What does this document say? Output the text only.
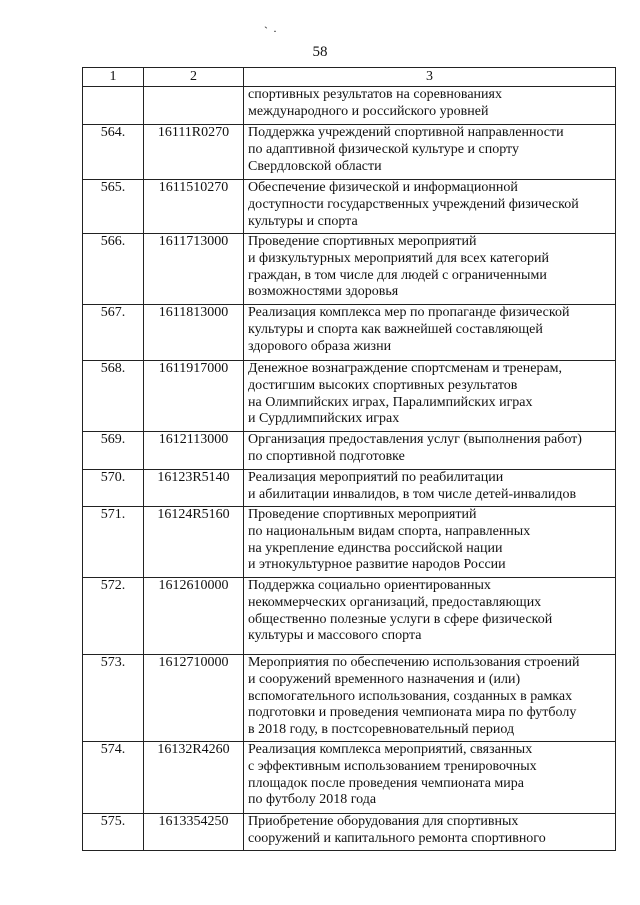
` ·
58
1	2	3

		спортивных результатов на соревнованиях
международного и российского уровней

564.	16111R0270	Поддержка учреждений спортивной направленности
по адаптивной физической культуре и спорту
Свердловской области

565.	1611510270	Обеспечение физической и информационной
доступности государственных учреждений физической
культуры и спорта

566.	1611713000	Проведение спортивных мероприятий
и физкультурных мероприятий для всех категорий
граждан, в том числе для людей с ограниченными
возможностями здоровья

567.	1611813000	Реализация комплекса мер по пропаганде физической
культуры и спорта как важнейшей составляющей
здорового образа жизни

568.	1611917000	Денежное вознаграждение спортсменам и тренерам,
достигшим высоких спортивных результатов
на Олимпийских играх, Паралимпийских играх
и Сурдлимпийских играх

569.	1612113000	Организация предоставления услуг (выполнения работ)
по спортивной подготовке

570.	16123R5140	Реализация мероприятий по реабилитации
и абилитации инвалидов, в том числе детей-инвалидов

571.	16124R5160	Проведение спортивных мероприятий
по национальным видам спорта, направленных
на укрепление единства российской нации
и этнокультурное развитие народов России

572.	1612610000	Поддержка социально ориентированных
некоммерческих организаций, предоставляющих
общественно полезные услуги в сфере физической
культуры и массового спорта

573.	1612710000	Мероприятия по обеспечению использования строений
и сооружений временного назначения и (или)
вспомогательного использования, созданных в рамках
подготовки и проведения чемпионата мира по футболу
в 2018 году, в постсоревновательный период

574.	16132R4260	Реализация комплекса мероприятий, связанных
с эффективным использованием тренировочных
площадок после проведения чемпионата мира
по футболу 2018 года

575.	1613354250	Приобретение оборудования для спортивных
сооружений и капитального ремонта спортивного
